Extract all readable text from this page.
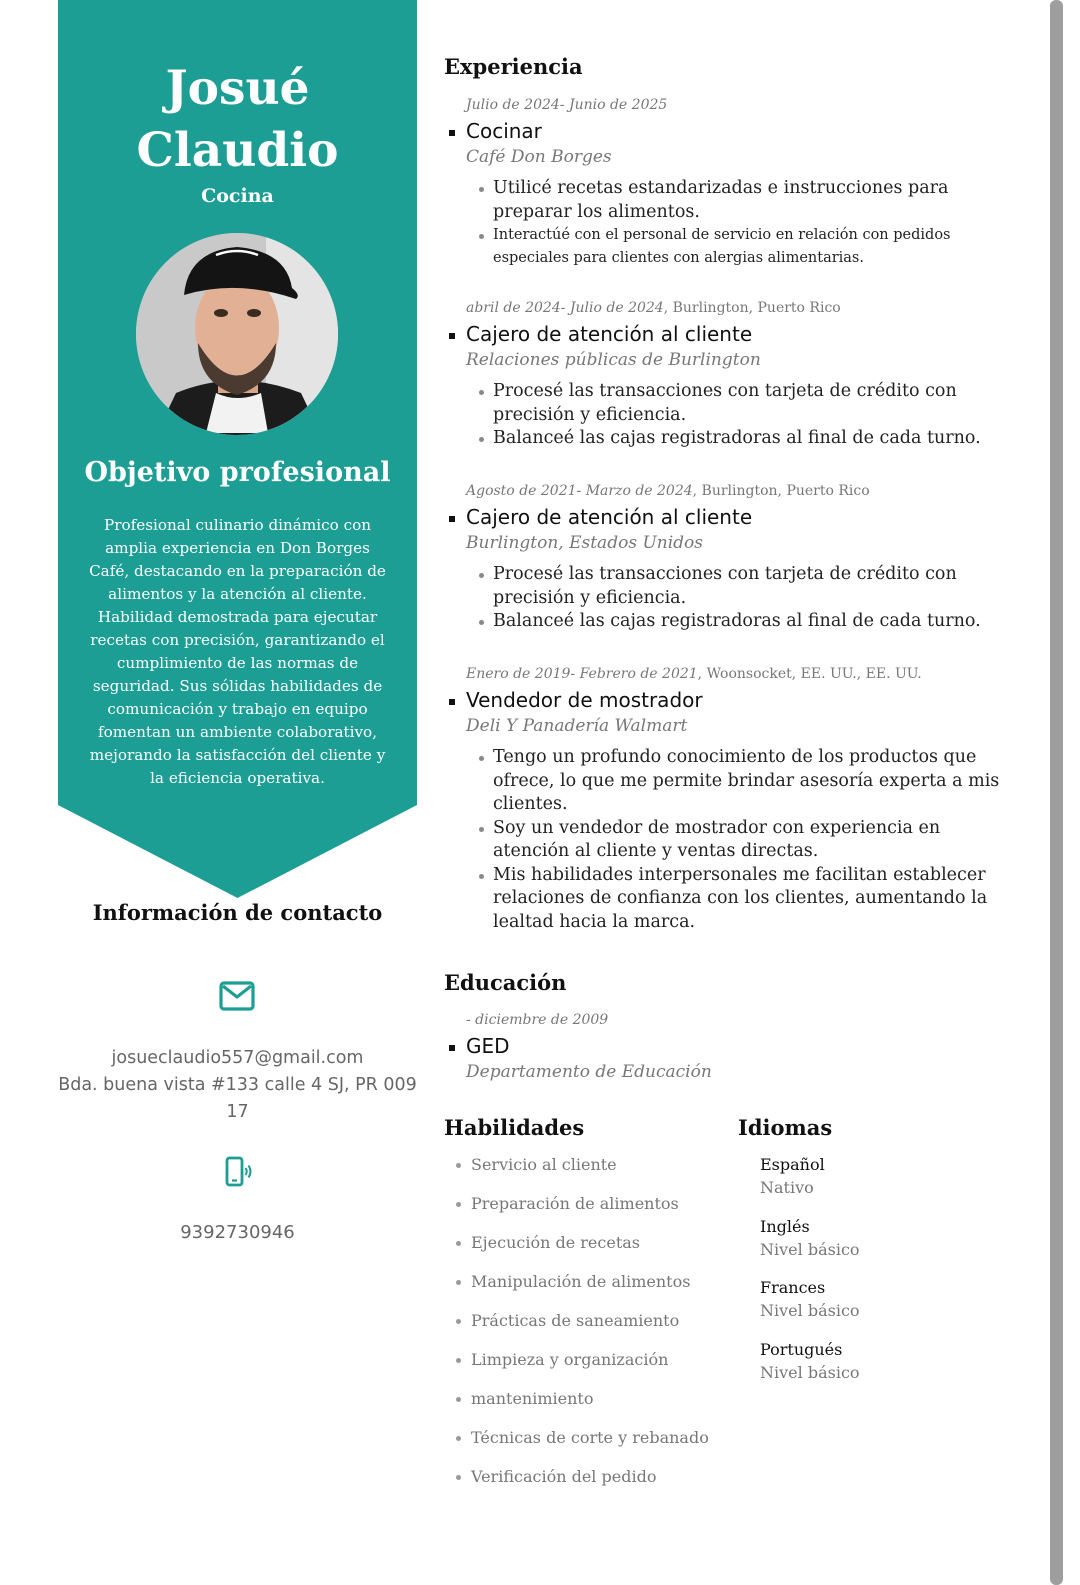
Josué
Claudio
Cocina
Objetivo profesional
Profesional culinario dinámico con amplia experiencia en Don Borges Café, destacando en la preparación de alimentos y la atención al cliente. Habilidad demostrada para ejecutar recetas con precisión, garantizando el cumplimiento de las normas de seguridad. Sus sólidas habilidades de comunicación y trabajo en equipo fomentan un ambiente colaborativo, mejorando la satisfacción del cliente y la eficiencia operativa.
Información de contacto
josueclaudio557@gmail.com
Bda. buena vista #133 calle 4 SJ, PR 009
17
9392730946
Experiencia
Julio de 2024- Junio de 2025
Cocinar
Café Don Borges
Utilicé recetas estandarizadas e instrucciones para preparar los alimentos.
Interactúé con el personal de servicio en relación con pedidos especiales para clientes con alergias alimentarias.
abril de 2024- Julio de 2024, Burlington, Puerto Rico
Cajero de atención al cliente
Relaciones públicas de Burlington
Procesé las transacciones con tarjeta de crédito con precisión y eficiencia.
Balanceé las cajas registradoras al final de cada turno.
Agosto de 2021- Marzo de 2024, Burlington, Puerto Rico
Cajero de atención al cliente
Burlington, Estados Unidos
Procesé las transacciones con tarjeta de crédito con precisión y eficiencia.
Balanceé las cajas registradoras al final de cada turno.
Enero de 2019- Febrero de 2021, Woonsocket, EE. UU., EE. UU.
Vendedor de mostrador
Deli Y Panadería Walmart
Tengo un profundo conocimiento de los productos que ofrece, lo que me permite brindar asesoría experta a mis clientes.
Soy un vendedor de mostrador con experiencia en atención al cliente y ventas directas.
Mis habilidades interpersonales me facilitan establecer relaciones de confianza con los clientes, aumentando la lealtad hacia la marca.
Educación
- diciembre de 2009
GED
Departamento de Educación
Habilidades
Servicio al cliente
Preparación de alimentos
Ejecución de recetas
Manipulación de alimentos
Prácticas de saneamiento
Limpieza y organización
mantenimiento
Técnicas de corte y rebanado
Verificación del pedido
Idiomas
Español
Nativo
Inglés
Nivel básico
Frances
Nivel básico
Portugués
Nivel básico
